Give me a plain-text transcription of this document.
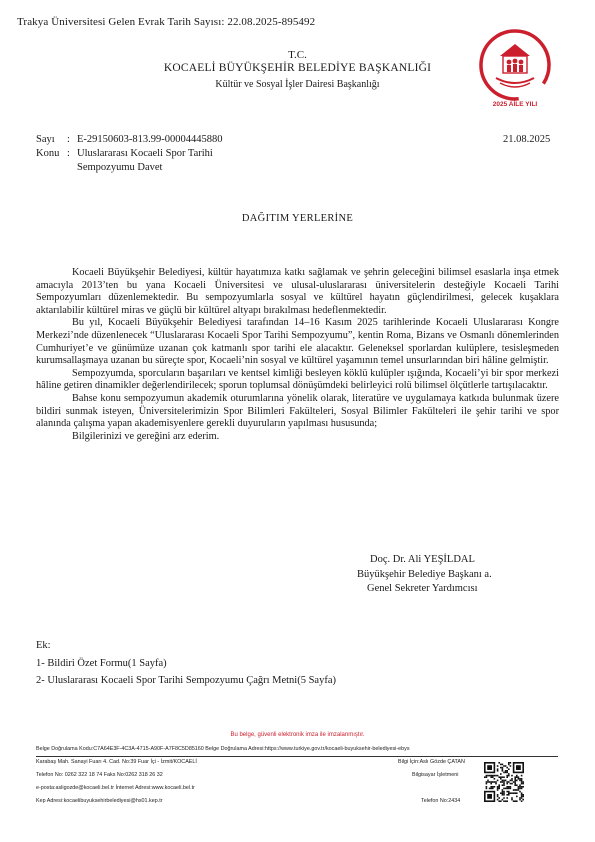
Trakya Üniversitesi Gelen Evrak Tarih Sayısı: 22.08.2025-895492
T.C.
KOCAELİ BÜYÜKŞEHİR BELEDİYE BAŞKANLIĞI
Kültür ve Sosyal İşler Dairesi Başkanlığı
2025 AİLE YILI
Sayı : E-29150603-813.99-00004445880
Konu : Uluslararası Kocaeli Spor Tarihi
Sempozyumu Davet
21.08.2025
DAĞITIM YERLERİNE

Kocaeli Büyükşehir Belediyesi, kültür hayatımıza katkı sağlamak ve şehrin geleceğini bilimsel esaslarla inşa etmek amacıyla 2013’ten bu yana Kocaeli Üniversitesi ve ulusal-uluslararası üniversitelerin desteğiyle Kocaeli Tarihi Sempozyumları düzenlemektedir. Bu sempozyumlarla sosyal ve kültürel hayatın güçlendirilmesi, gelecek kuşaklara aktarılabilir kültürel miras ve güçlü bir kültürel altyapı bırakılması hedeflenmektedir.

Bu yıl, Kocaeli Büyükşehir Belediyesi tarafından 14–16 Kasım 2025 tarihlerinde Kocaeli Uluslararası Kongre Merkezi’nde düzenlenecek “Uluslararası Kocaeli Spor Tarihi Sempozyumu”, kentin Roma, Bizans ve Osmanlı dönemlerinden Cumhuriyet’e ve günümüze uzanan çok katmanlı spor tarihi ele alacaktır. Geleneksel sporlardan kulüplere, tesisleşmeden kurumsallaşmaya uzanan bu süreçte spor, Kocaeli’nin sosyal ve kültürel yaşamının temel unsurlarından biri hâline gelmiştir.

Sempozyumda, sporcuların başarıları ve kentsel kimliği besleyen köklü kulüpler ışığında, Kocaeli’yi bir spor merkezi hâline getiren dinamikler değerlendirilecek; sporun toplumsal dönüşümdeki belirleyici rolü bilimsel ölçütlerle tartışılacaktır.

Bahse konu sempozyumun akademik oturumlarına yönelik olarak, literatüre ve uygulamaya katkıda bulunmak üzere bildiri sunmak isteyen, Üniversitelerimizin Spor Bilimleri Fakülteleri, Sosyal Bilimler Fakülteleri ile şehir tarihi ve spor alanında çalışma yapan akademisyenlere gerekli duyuruların yapılması hususunda;

Bilgilerinizi ve gereğini arz ederim.

Doç. Dr. Ali YEŞİLDAL
Büyükşehir Belediye Başkanı a.
Genel Sekreter Yardımcısı
Ek:
1- Bildiri Özet Formu(1 Sayfa)
2- Uluslararası Kocaeli Spor Tarihi Sempozyumu Çağrı Metni(5 Sayfa)
Bu belge, güvenli elektronik imza ile imzalanmıştır.
Belge Doğrulama Kodu:C7A64E3F-4C3A-4715-A90F-A7F8C5D85160 Belge Doğrulama Adresi:https://www.turkiye.gov.tr/kocaeli-buyuksehir-belediyesi-ebys
Karabaş Mah. Sanayi Fuarı 4. Cad. No:39 Fuar İçi - İzmit/KOCAELİ
Telefon No: 0262 322 18 74 Faks No:0262 318 26 32
e-posta:asligozde@kocaeli.bel.tr İnternet Adresi:www.kocaeli.bel.tr
Kep Adresi:kocaelibuyuksehirbelediyesi@hs01.kep.tr
Bilgi İçin:Aslı Gözde ÇATAN
Bilgisayar İşletmeni
Telefon No:2434
